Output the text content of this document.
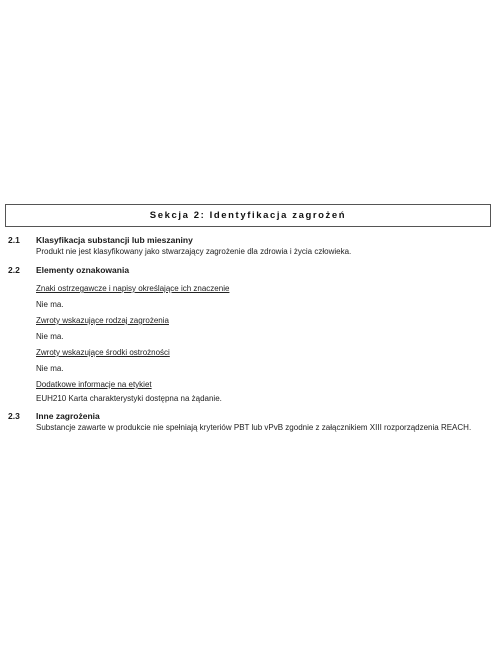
Sekcja 2: Identyfikacja zagrożeń
2.1	Klasyfikacja substancji lub mieszaniny
Produkt nie jest klasyfikowany jako stwarzający zagrożenie dla zdrowia i życia człowieka.
2.2	Elementy oznakowania
Znaki ostrzegawcze i napisy określające ich znaczenie
Nie ma.
Zwroty wskazujące rodzaj zagrożenia
Nie ma.
Zwroty wskazujące środki ostrożności
Nie ma.
Dodatkowe informacje na etykiet
EUH210 Karta charakterystyki dostępna na żądanie.
2.3	Inne zagrożenia
Substancje zawarte w produkcie nie spełniają kryteriów PBT lub vPvB zgodnie z załącznikiem XIII rozporządzenia REACH.
